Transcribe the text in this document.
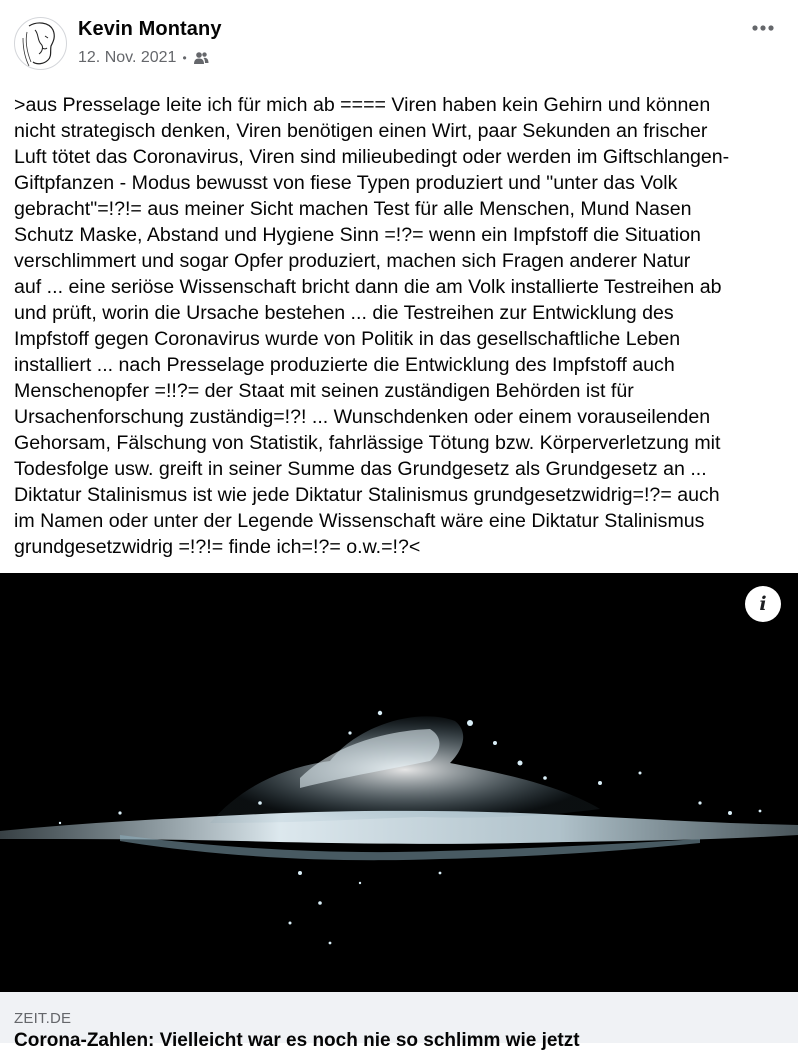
Kevin Montany
12. Nov. 2021 •
>aus Presselage leite ich für mich ab ==== Viren haben kein Gehirn und können
nicht strategisch denken, Viren benötigen einen Wirt, paar Sekunden an frischer
Luft tötet das Coronavirus, Viren sind milieubedingt oder werden im Giftschlangen-
Giftpfanzen - Modus bewusst von fiese Typen produziert und "unter das Volk
gebracht"=!?!= aus meiner Sicht machen Test für alle Menschen, Mund Nasen
Schutz Maske, Abstand und Hygiene Sinn =!?= wenn ein Impfstoff die Situation
verschlimmert und sogar Opfer produziert, machen sich Fragen anderer Natur
auf ... eine seriöse Wissenschaft bricht dann die am Volk installierte Testreihen ab
und prüft, worin die Ursache bestehen ... die Testreihen zur Entwicklung des
Impfstoff gegen Coronavirus wurde von Politik in das gesellschaftliche Leben
installiert ... nach Presselage produzierte die Entwicklung des Impfstoff auch
Menschenopfer =!!?= der Staat mit seinen zuständigen Behörden ist für
Ursachenforschung zuständig=!?! ... Wunschdenken oder einem vorauseilenden
Gehorsam, Fälschung von Statistik, fahrlässige Tötung bzw. Körperverletzung mit
Todesfolge usw. greift in seiner Summe das Grundgesetz als Grundgesetz an ...
Diktatur Stalinismus ist wie jede Diktatur Stalinismus grundgesetzwidrig=!?= auch
im Namen oder unter der Legende Wissenschaft wäre eine Diktatur Stalinismus
grundgesetzwidrig =!?!= finde ich=!?= o.w.=!?<
i
ZEIT.DE
Corona-Zahlen: Vielleicht war es noch nie so schlimm wie jetzt
